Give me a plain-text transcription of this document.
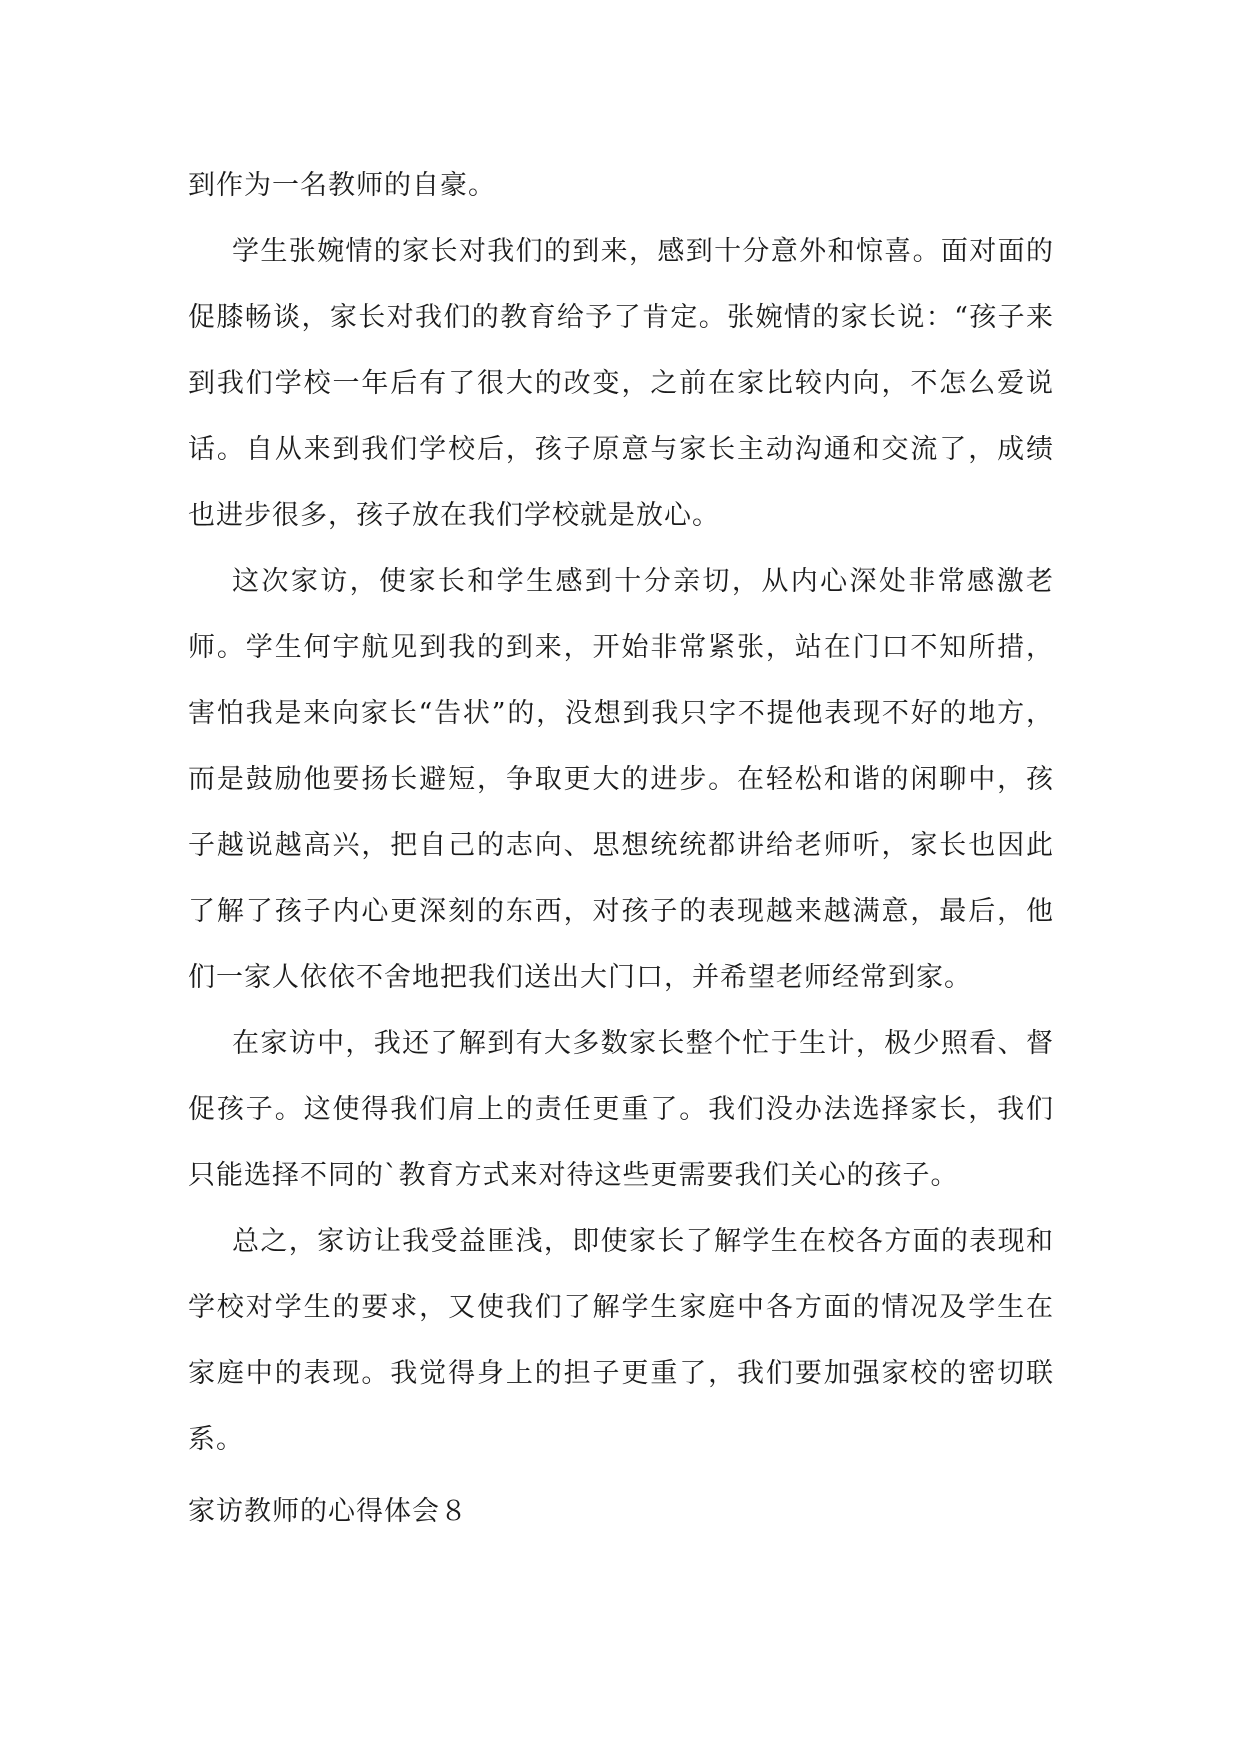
到作为一名教师的自豪。

学生张婉情的家长对我们的到来，感到十分意外和惊喜。面对面的促膝畅谈，家长对我们的教育给予了肯定。张婉情的家长说：“孩子来到我们学校一年后有了很大的改变，之前在家比较内向，不怎么爱说话。自从来到我们学校后，孩子原意与家长主动沟通和交流了，成绩也进步很多，孩子放在我们学校就是放心。

这次家访，使家长和学生感到十分亲切，从内心深处非常感激老师。学生何宇航见到我的到来，开始非常紧张，站在门口不知所措，害怕我是来向家长“告状”的，没想到我只字不提他表现不好的地方，而是鼓励他要扬长避短，争取更大的进步。在轻松和谐的闲聊中，孩子越说越高兴，把自己的志向、思想统统都讲给老师听，家长也因此了解了孩子内心更深刻的东西，对孩子的表现越来越满意，最后，他们一家人依依不舍地把我们送出大门口，并希望老师经常到家。

在家访中，我还了解到有大多数家长整个忙于生计，极少照看、督促孩子。这使得我们肩上的责任更重了。我们没办法选择家长，我们只能选择不同的`教育方式来对待这些更需要我们关心的孩子。

总之，家访让我受益匪浅，即使家长了解学生在校各方面的表现和学校对学生的要求，又使我们了解学生家庭中各方面的情况及学生在家庭中的表现。我觉得身上的担子更重了，我们要加强家校的密切联系。

家访教师的心得体会８
